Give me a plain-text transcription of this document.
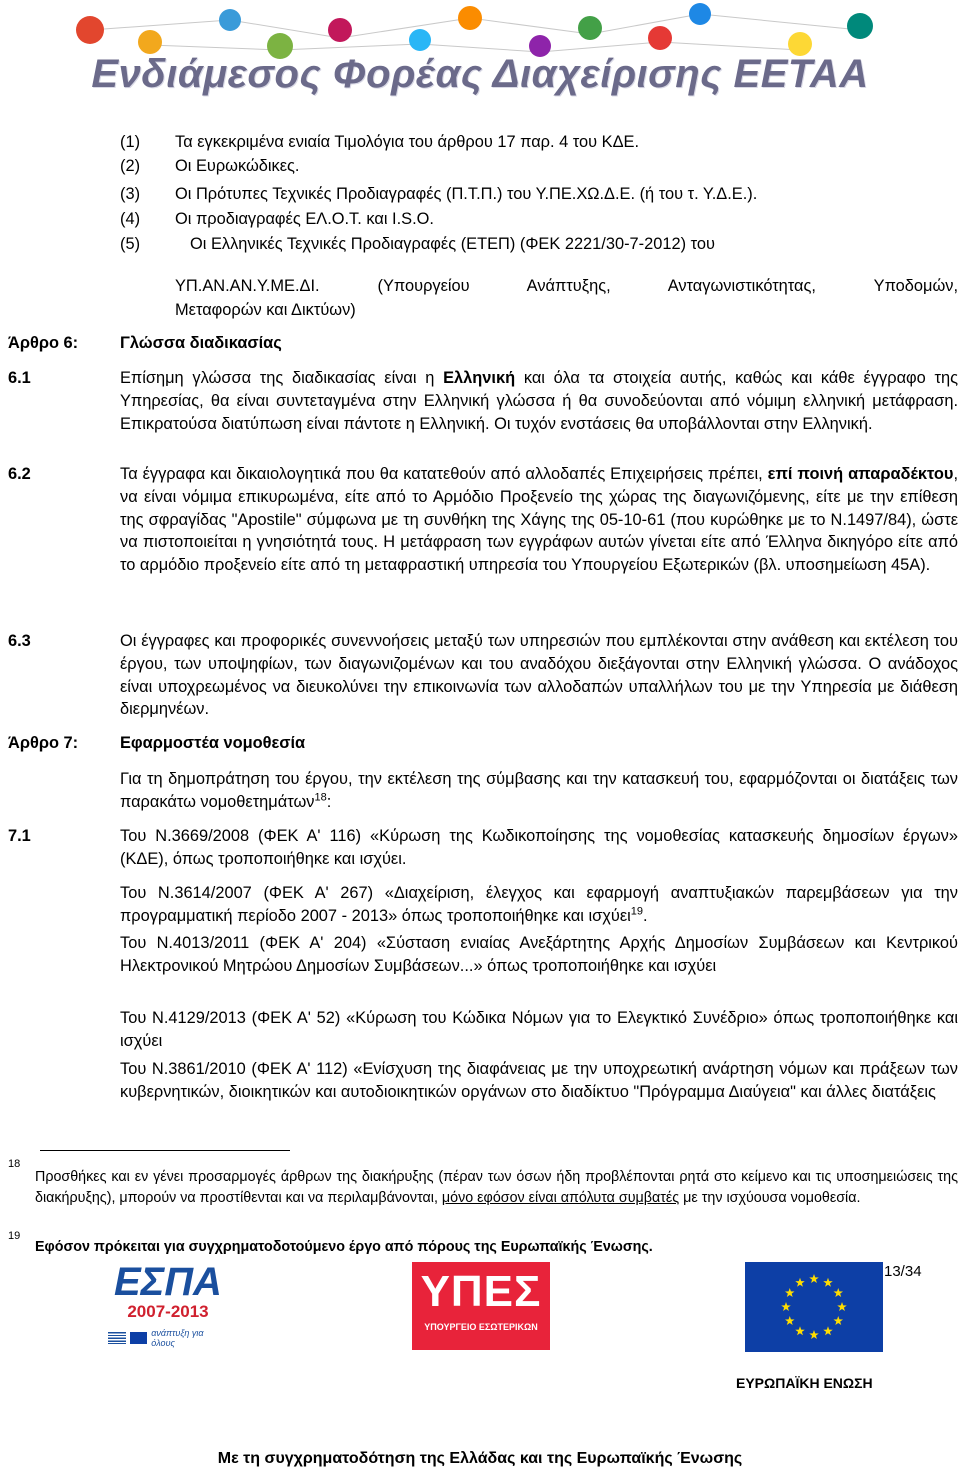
Ενδιάμεσος Φορέας Διαχείρισης ΕΕΤΑΑ
(1) Τα εγκεκριμένα ενιαία Τιμολόγια του άρθρου 17 παρ. 4 του ΚΔΕ.
(2) Οι Ευρωκώδικες.
(3) Οι Πρότυπες Τεχνικές Προδιαγραφές (Π.Τ.Π.) του Υ.ΠΕ.ΧΩ.Δ.Ε. (ή του τ. Υ.Δ.Ε.).
(4) Οι προδιαγραφές ΕΛ.Ο.Τ. και I.S.O.
(5)	Οι Ελληνικές Τεχνικές Προδιαγραφές (ΕΤΕΠ) (ΦΕΚ 2221/30-7-2012) του
ΥΠ.ΑΝ.ΑΝ.Υ.ΜΕ.ΔΙ. (Υπουργείου Ανάπτυξης, Ανταγωνιστικότητας, Υποδομών,
Μεταφορών και Δικτύων)
Άρθρο 6:	Γλώσσα διαδικασίας
6.1	Επίσημη γλώσσα της διαδικασίας είναι η Ελληνική και όλα τα στοιχεία αυτής, καθώς και κάθε έγγραφο της Υπηρεσίας, θα είναι συντεταγμένα στην Ελληνική γλώσσα ή θα συνοδεύονται από νόμιμη ελληνική μετάφραση. Επικρατούσα διατύπωση είναι πάντοτε η Ελληνική. Οι τυχόν ενστάσεις θα υποβάλλονται στην Ελληνική.
6.2	Τα έγγραφα και δικαιολογητικά που θα κατατεθούν από αλλοδαπές Επιχειρήσεις πρέπει, επί ποινή απαραδέκτου, να είναι νόμιμα επικυρωμένα, είτε από το Αρμόδιο Προξενείο της χώρας της διαγωνιζόμενης, είτε με την επίθεση της σφραγίδας "Apostile" σύμφωνα με τη συνθήκη της Χάγης της 05-10-61 (που κυρώθηκε με το Ν.1497/84), ώστε να πιστοποιείται η γνησιότητά τους. Η μετάφραση των εγγράφων αυτών γίνεται είτε από Έλληνα δικηγόρο είτε από το αρμόδιο προξενείο είτε από τη μεταφραστική υπηρεσία του Υπουργείου Εξωτερικών (βλ. υποσημείωση 45Α).
6.3	Οι έγγραφες και προφορικές συνεννοήσεις μεταξύ των υπηρεσιών που εμπλέκονται στην ανάθεση και εκτέλεση του έργου, των υποψηφίων, των διαγωνιζομένων και του αναδόχου διεξάγονται στην Ελληνική γλώσσα. Ο ανάδοχος είναι υποχρεωμένος να διευκολύνει την επικοινωνία των αλλοδαπών υπαλλήλων του με την Υπηρεσία με διάθεση διερμηνέων.
Άρθρο 7:	Εφαρμοστέα νομοθεσία
Για τη δημοπράτηση του έργου, την εκτέλεση της σύμβασης και την κατασκευή του, εφαρμόζονται οι διατάξεις των παρακάτω νομοθετημάτων$^{18}$:
7.1	Του Ν.3669/2008 (ΦΕΚ Α' 116) «Κύρωση της Κωδικοποίησης της νομοθεσίας κατασκευής δημοσίων έργων» (ΚΔΕ), όπως τροποποιήθηκε και ισχύει.
Του Ν.3614/2007 (ΦΕΚ Α' 267) «Διαχείριση, έλεγχος και εφαρμογή αναπτυξιακών παρεμβάσεων για την προγραμματική περίοδο 2007 - 2013» όπως τροποποιήθηκε και ισχύει$^{19}$.
Του Ν.4013/2011 (ΦΕΚ Α' 204) «Σύσταση ενιαίας Ανεξάρτητης Αρχής Δημοσίων Συμβάσεων και Κεντρικού Ηλεκτρονικού Μητρώου Δημοσίων Συμβάσεων...» όπως τροποποιήθηκε και ισχύει
Του Ν.4129/2013 (ΦΕΚ Α' 52) «Κύρωση του Κώδικα Νόμων για το Ελεγκτικό Συνέδριο» όπως τροποποιήθηκε και ισχύει
Του Ν.3861/2010 (ΦΕΚ Α' 112) «Ενίσχυση της διαφάνειας με την υποχρεωτική ανάρτηση νόμων και πράξεων των κυβερνητικών, διοικητικών και αυτοδιοικητικών οργάνων στο διαδίκτυο "Πρόγραμμα Διαύγεια" και άλλες διατάξεις
18
Προσθήκες και εν γένει προσαρμογές άρθρων της διακήρυξης (πέραν των όσων ήδη προβλέπονται ρητά στο κείμενο και τις υποσημειώσεις της διακήρυξης), μπορούν να προστίθενται και να περιλαμβάνονται, μόνο εφόσον είναι απόλυτα συμβατές με την ισχύουσα νομοθεσία.
19
Εφόσον πρόκειται για συγχρηματοδοτούμενο έργο από πόρους της Ευρωπαϊκής Ένωσης.
ΕΣΠΑ
2007-2013
ανάπτυξη για όλους
ΥΠΕΣ
ΥΠΟΥΡΓΕΙΟ ΕΣΩΤΕΡΙΚΩΝ
13/34
ΕΥΡΩΠΑΪΚΗ ΕΝΩΣΗ
Με τη συγχρηματοδότηση της Ελλάδας και της Ευρωπαϊκής Ένωσης
